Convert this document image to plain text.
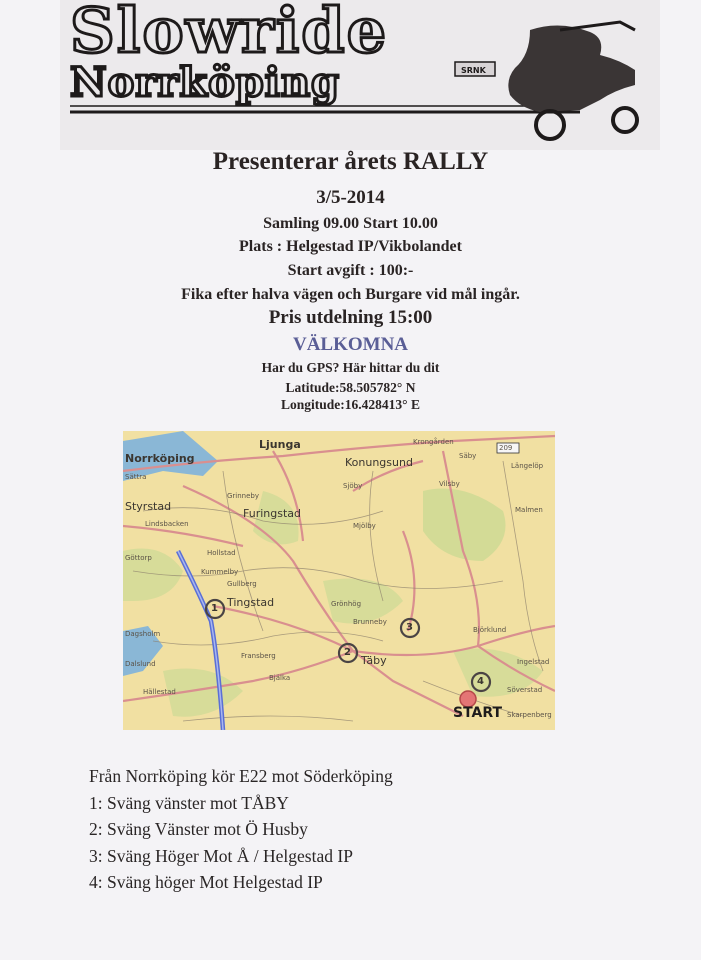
Slowride
Norrköping	SRNK
Presenterar årets RALLY
3/5-2014
Samling 09.00 Start 10.00
Plats : Helgestad IP/Vikbolandet
Start avgift : 100:-
Fika efter halva vägen och Burgare vid mål ingår.
Pris utdelning 15:00
VÄLKOMNA
Har du GPS? Här hittar du dit
Latitude:58.505782° N
Longitude:16.428413° E
209
Ljunga
Norrköping	Konungsund
Styrstad
Furingstad
Tingstad
Täby
Krongården
Säby
Längelöp
Sättra
Vilsby
Malmen
Grinneby
Sjöby
Lindsbacken	Mjölby
Ingelstad
Göttorp
Hollstad
Kummelby
Gullberg
Grönhög
Brunneby
Björklund
Dagsholm
Fransberg
Dalslund
Hällestad
Bjälka
Söverstad
Skarpenberg
1
2
3
4
START
Från Norrköping kör E22 mot Söderköping
1: Sväng vänster mot TÅBY
2: Sväng Vänster mot Ö Husby
3: Sväng Höger Mot Å / Helgestad IP
4: Sväng höger Mot Helgestad IP
